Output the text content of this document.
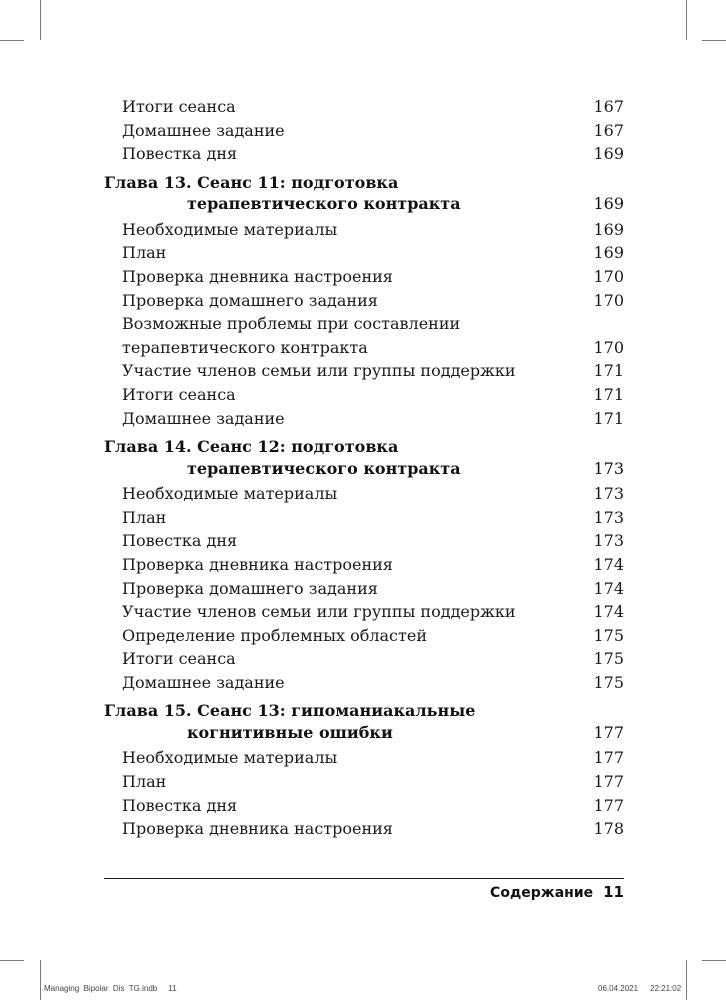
Итоги сеанса	167
Домашнее задание	167
Повестка дня	169
Глава 13. Сеанс 11: подготовка
терапевтического контракта	169
Необходимые материалы	169
План	169
Проверка дневника настроения	170
Проверка домашнего задания	170
Возможные проблемы при составлении
терапевтического контракта	170
Участие членов семьи или группы поддержки	171
Итоги сеанса	171
Домашнее задание	171
Глава 14. Сеанс 12: подготовка
терапевтического контракта	173
Необходимые материалы	173
План	173
Повестка дня	173
Проверка дневника настроения	174
Проверка домашнего задания	174
Участие членов семьи или группы поддержки	174
Определение проблемных областей	175
Итоги сеанса	175
Домашнее задание	175
Глава 15. Сеанс 13: гипоманиакальные
когнитивные ошибки	177
Необходимые материалы	177
План	177
Повестка дня	177
Проверка дневника настроения	178
Содержание 11
Managing  Bipolar  Dis  TG.indb     11	06.04.2021 22:21:02
